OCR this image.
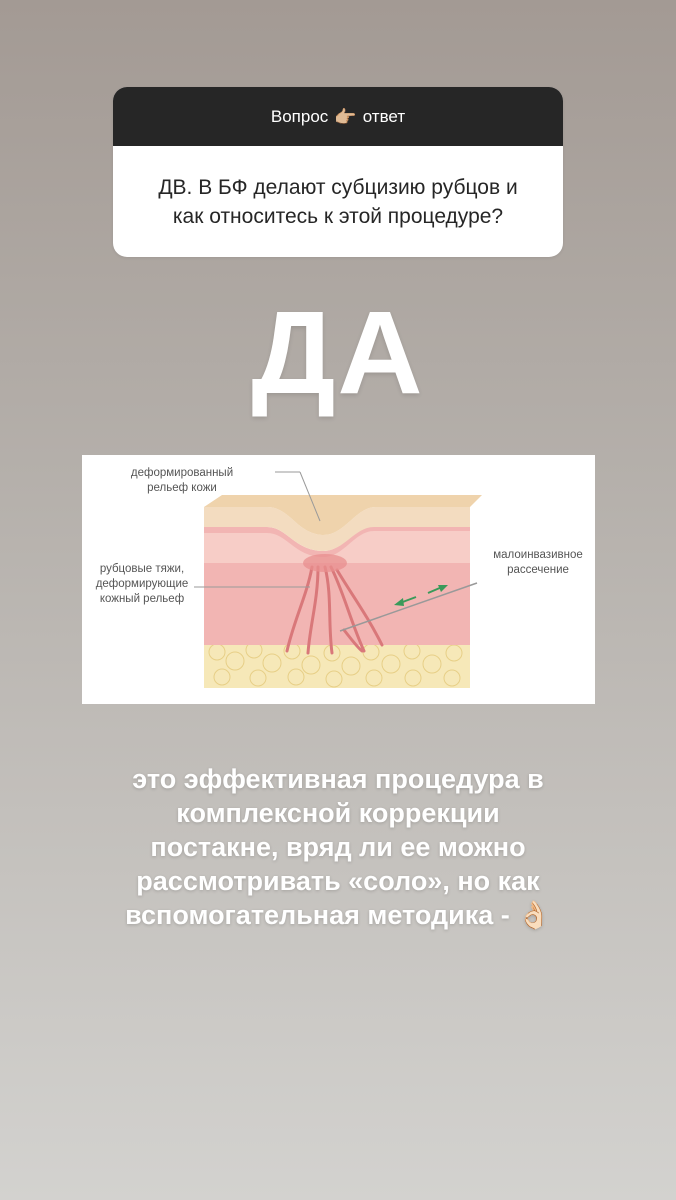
Вопрос 👉🏼 ответ
ДВ. В БФ делают субцизию рубцов и
как относитесь к этой процедуре?
ДА
деформированный
рельеф кожи
рубцовые тяжи,
деформирующие
кожный рельеф
малоинвазивное
рассечение
это эффективная процедура в
комплексной коррекции
постакне, вряд ли ее можно
рассмотривать «соло», но как
вспомогательная методика - 👌🏻
